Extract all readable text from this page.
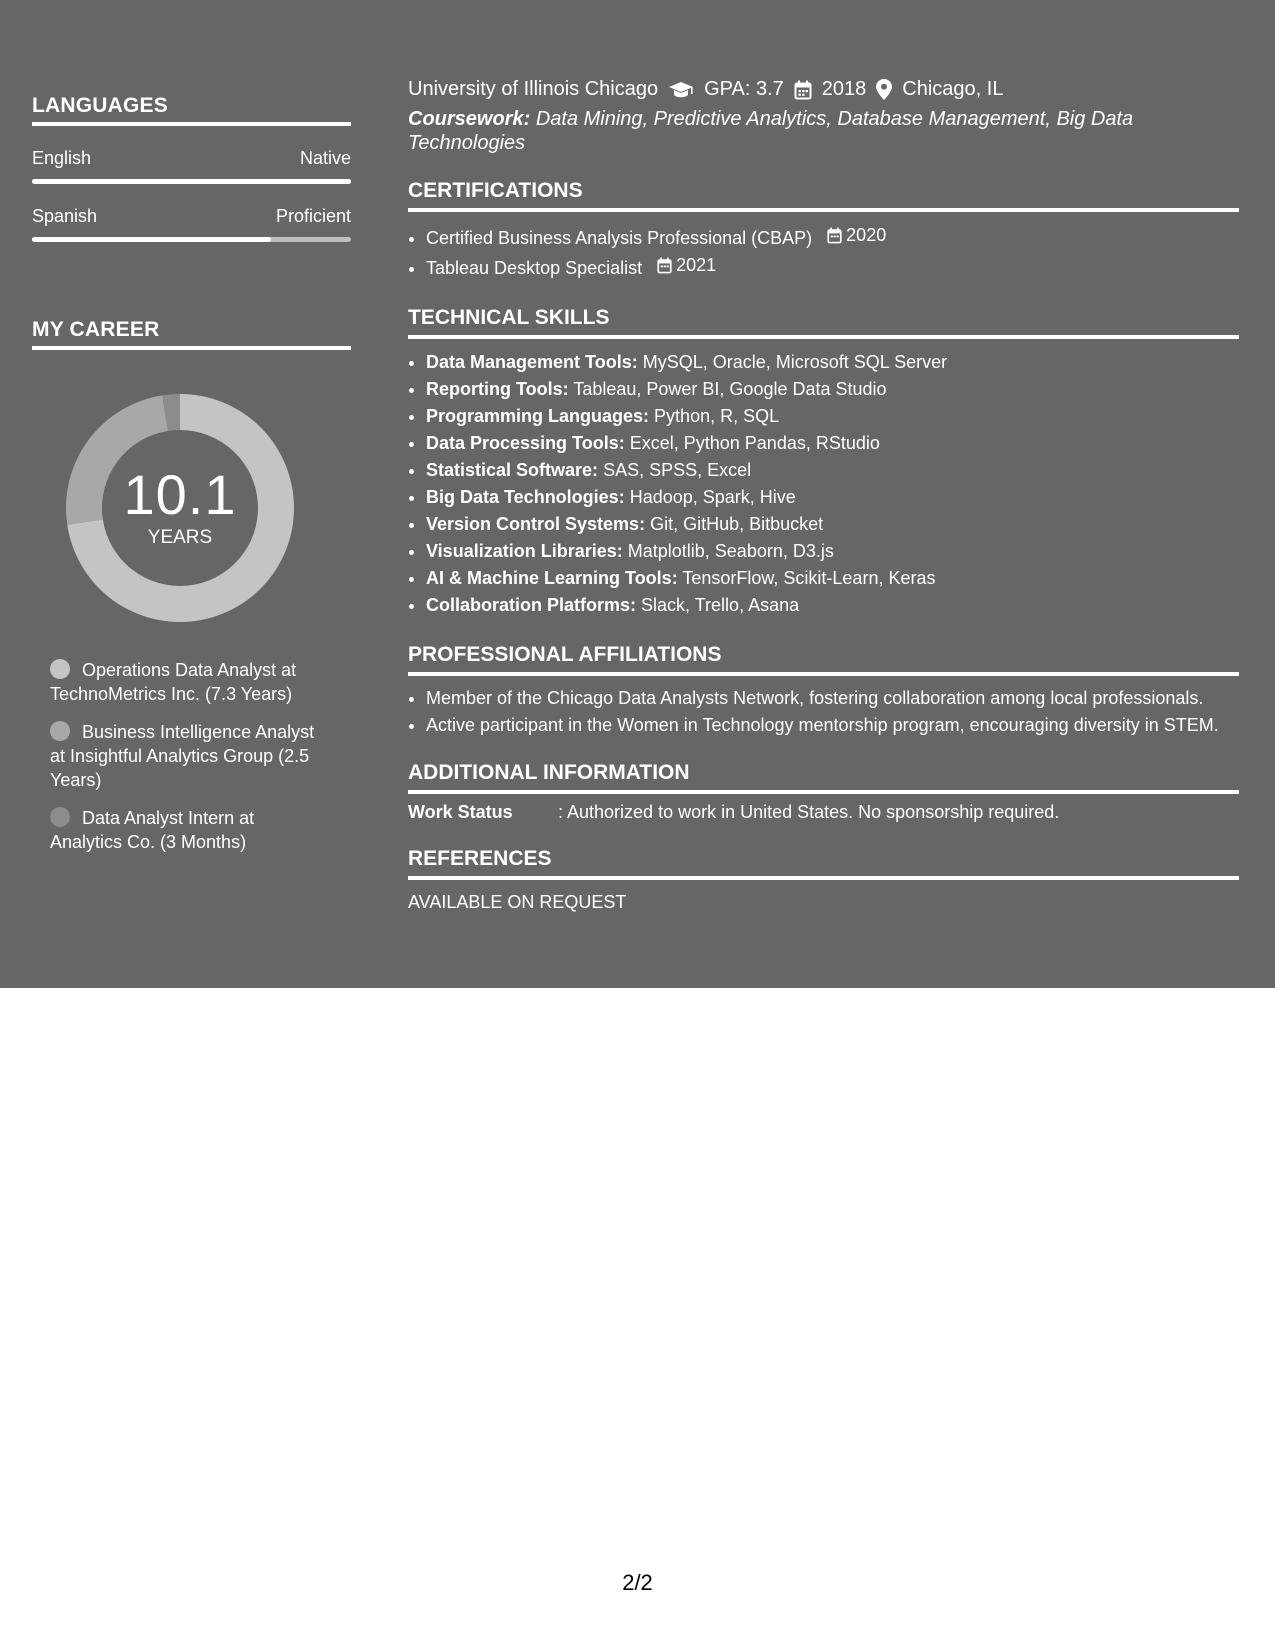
LANGUAGES
English	Native
Spanish	Proficient
MY CAREER
10.1
YEARS
Operations Data Analyst at TechnoMetrics Inc. (7.3 Years)
Business Intelligence Analyst at Insightful Analytics Group (2.5 Years)
Data Analyst Intern at Analytics Co. (3 Months)
University of Illinois Chicago GPA: 3.7 2018 Chicago, IL
Coursework: Data Mining, Predictive Analytics, Database Management, Big Data Technologies
CERTIFICATIONS
• Certified Business Analysis Professional (CBAP) 2020
• Tableau Desktop Specialist 2021
TECHNICAL SKILLS
• Data Management Tools: MySQL, Oracle, Microsoft SQL Server
• Reporting Tools: Tableau, Power BI, Google Data Studio
• Programming Languages: Python, R, SQL
• Data Processing Tools: Excel, Python Pandas, RStudio
• Statistical Software: SAS, SPSS, Excel
• Big Data Technologies: Hadoop, Spark, Hive
• Version Control Systems: Git, GitHub, Bitbucket
• Visualization Libraries: Matplotlib, Seaborn, D3.js
• AI & Machine Learning Tools: TensorFlow, Scikit-Learn, Keras
• Collaboration Platforms: Slack, Trello, Asana
PROFESSIONAL AFFILIATIONS
• Member of the Chicago Data Analysts Network, fostering collaboration among local professionals.
• Active participant in the Women in Technology mentorship program, encouraging diversity in STEM.
ADDITIONAL INFORMATION
Work Status	: Authorized to work in United States. No sponsorship required.
REFERENCES
AVAILABLE ON REQUEST
2/2
